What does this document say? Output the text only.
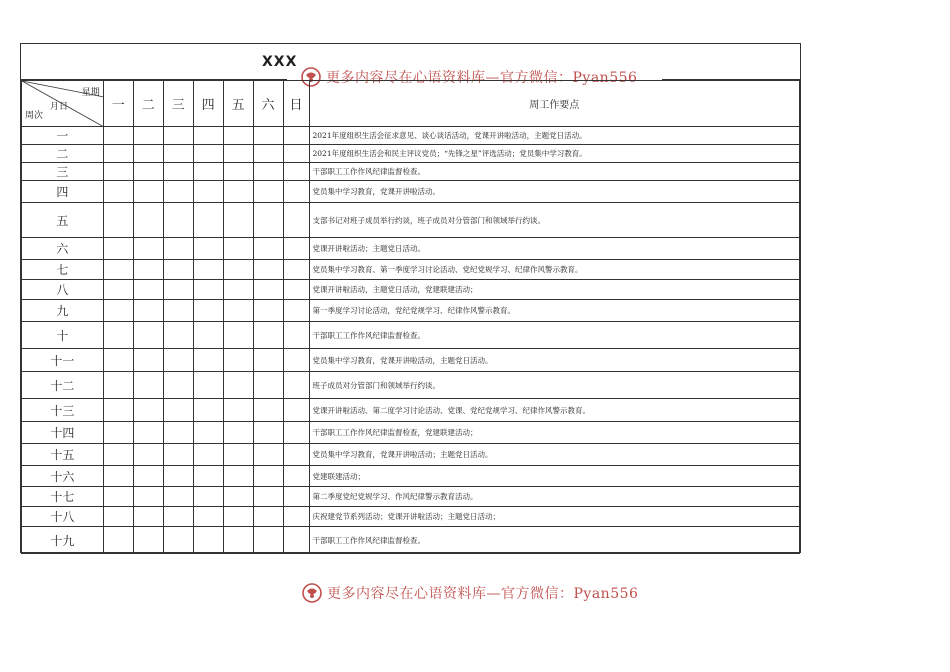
XXX
更多内容尽在心语资料库—官方微信：Pyan556
星期
月日
周次	一	二	三	四	五	六	日	周工作要点
一								2021年度组织生活会征求意见、谈心谈话活动，党课开讲啦活动，主题党日活动。
二								2021年度组织生活会和民主评议党员；“先锋之星”评选活动；党员集中学习教育。
三								干部职工工作作风纪律监督检查。
四								党员集中学习教育，党课开讲啦活动。
五								支部书记对班子成员举行约谈，班子成员对分管部门和领域举行约谈。
六								党课开讲啦活动；主题党日活动。
七								党员集中学习教育、第一季度学习讨论活动、党纪党规学习、纪律作风警示教育。
八								党课开讲啦活动，主题党日活动，党建联建活动；
九								第一季度学习讨论活动，党纪党规学习、纪律作风警示教育。
十								干部职工工作作风纪律监督检查。
十一								党员集中学习教育，党课开讲啦活动，主题党日活动。
十二								班子成员对分管部门和领域举行约谈。
十三								党课开讲啦活动、第二度学习讨论活动、党课、党纪党规学习、纪律作风警示教育。
十四								干部职工工作作风纪律监督检查，党建联建活动；
十五								党员集中学习教育，党课开讲啦活动；主题党日活动。
十六								党建联建活动；
十七								第二季度党纪党规学习、作风纪律警示教育活动。
十八								庆祝建党节系列活动；党课开讲啦活动；主题党日活动；
十九								干部职工工作作风纪律监督检查。
更多内容尽在心语资料库—官方微信：Pyan556
